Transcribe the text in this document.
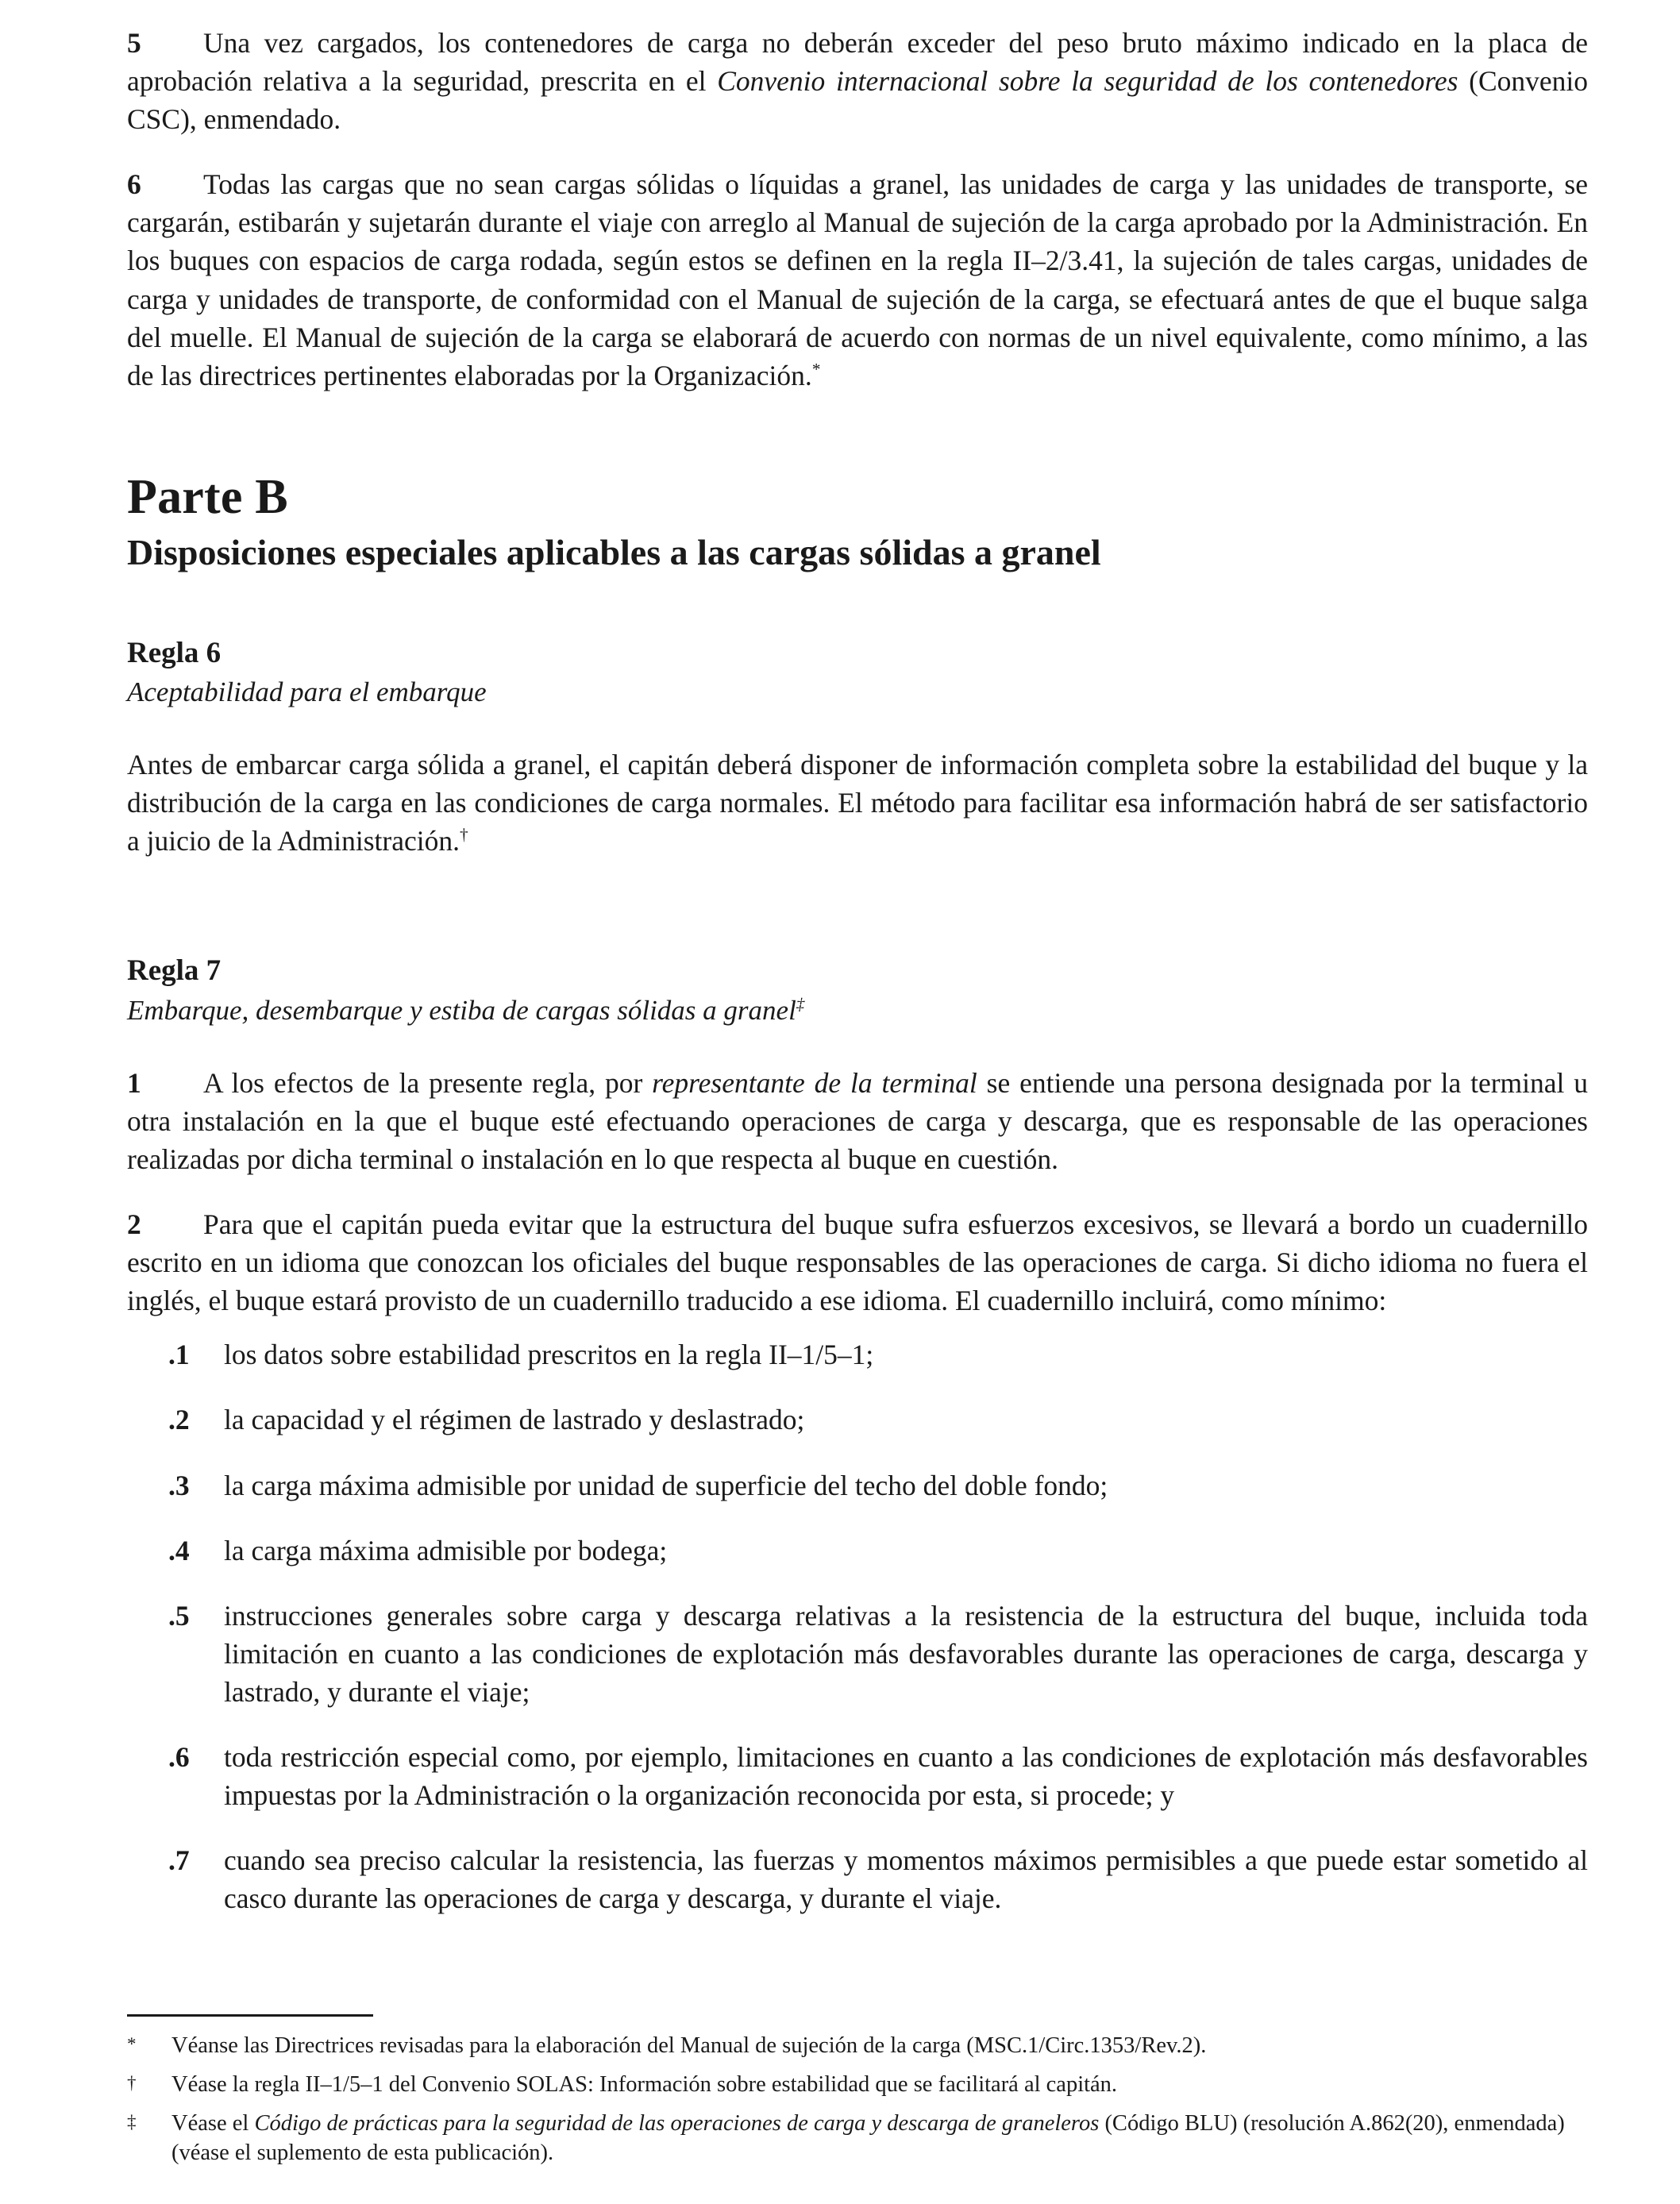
5 Una vez cargados, los contenedores de carga no deberán exceder del peso bruto máximo indicado en la placa de aprobación relativa a la seguridad, prescrita en el Convenio internacional sobre la seguridad de los contenedores (Convenio CSC), enmendado.

6 Todas las cargas que no sean cargas sólidas o líquidas a granel, las unidades de carga y las unidades de transporte, se cargarán, estibarán y sujetarán durante el viaje con arreglo al Manual de sujeción de la carga aprobado por la Administración. En los buques con espacios de carga rodada, según estos se definen en la regla II–2/3.41, la sujeción de tales cargas, unidades de carga y unidades de transporte, de conformidad con el Manual de sujeción de la carga, se efectuará antes de que el buque salga del muelle. El Manual de sujeción de la carga se elaborará de acuerdo con normas de un nivel equivalente, como mínimo, a las de las directrices pertinentes elaboradas por la Organización.*

Parte B
Disposiciones especiales aplicables a las cargas sólidas a granel
Regla 6
Aceptabilidad para el embarque

Antes de embarcar carga sólida a granel, el capitán deberá disponer de información completa sobre la estabilidad del buque y la distribución de la carga en las condiciones de carga normales. El método para facilitar esa información habrá de ser satisfactorio a juicio de la Administración.†

Regla 7
Embarque, desembarque y estiba de cargas sólidas a granel‡

1 A los efectos de la presente regla, por representante de la terminal se entiende una persona designada por la terminal u otra instalación en la que el buque esté efectuando operaciones de carga y descarga, que es responsable de las operaciones realizadas por dicha terminal o instalación en lo que respecta al buque en cuestión.

2 Para que el capitán pueda evitar que la estructura del buque sufra esfuerzos excesivos, se llevará a bordo un cuadernillo escrito en un idioma que conozcan los oficiales del buque responsables de las operaciones de carga. Si dicho idioma no fuera el inglés, el buque estará provisto de un cuadernillo traducido a ese idioma. El cuadernillo incluirá, como mínimo:

.1	los datos sobre estabilidad prescritos en la regla II–1/5–1;
.2	la capacidad y el régimen de lastrado y deslastrado;
.3	la carga máxima admisible por unidad de superficie del techo del doble fondo;
.4	la carga máxima admisible por bodega;
.5	instrucciones generales sobre carga y descarga relativas a la resistencia de la estructura del buque, incluida toda limitación en cuanto a las condiciones de explotación más desfavorables durante las operaciones de carga, descarga y lastrado, y durante el viaje;
.6	toda restricción especial como, por ejemplo, limitaciones en cuanto a las condiciones de explotación más desfavorables impuestas por la Administración o la organización reconocida por esta, si procede; y
.7	cuando sea preciso calcular la resistencia, las fuerzas y momentos máximos permisibles a que puede estar sometido al casco durante las operaciones de carga y descarga, y durante el viaje.
*	Véanse las Directrices revisadas para la elaboración del Manual de sujeción de la carga (MSC.1/Circ.1353/Rev.2).
†	Véase la regla II–1/5–1 del Convenio SOLAS: Información sobre estabilidad que se facilitará al capitán.
‡	Véase el Código de prácticas para la seguridad de las operaciones de carga y descarga de graneleros (Código BLU) (resolución A.862(20), enmendada) (véase el suplemento de esta publicación).
